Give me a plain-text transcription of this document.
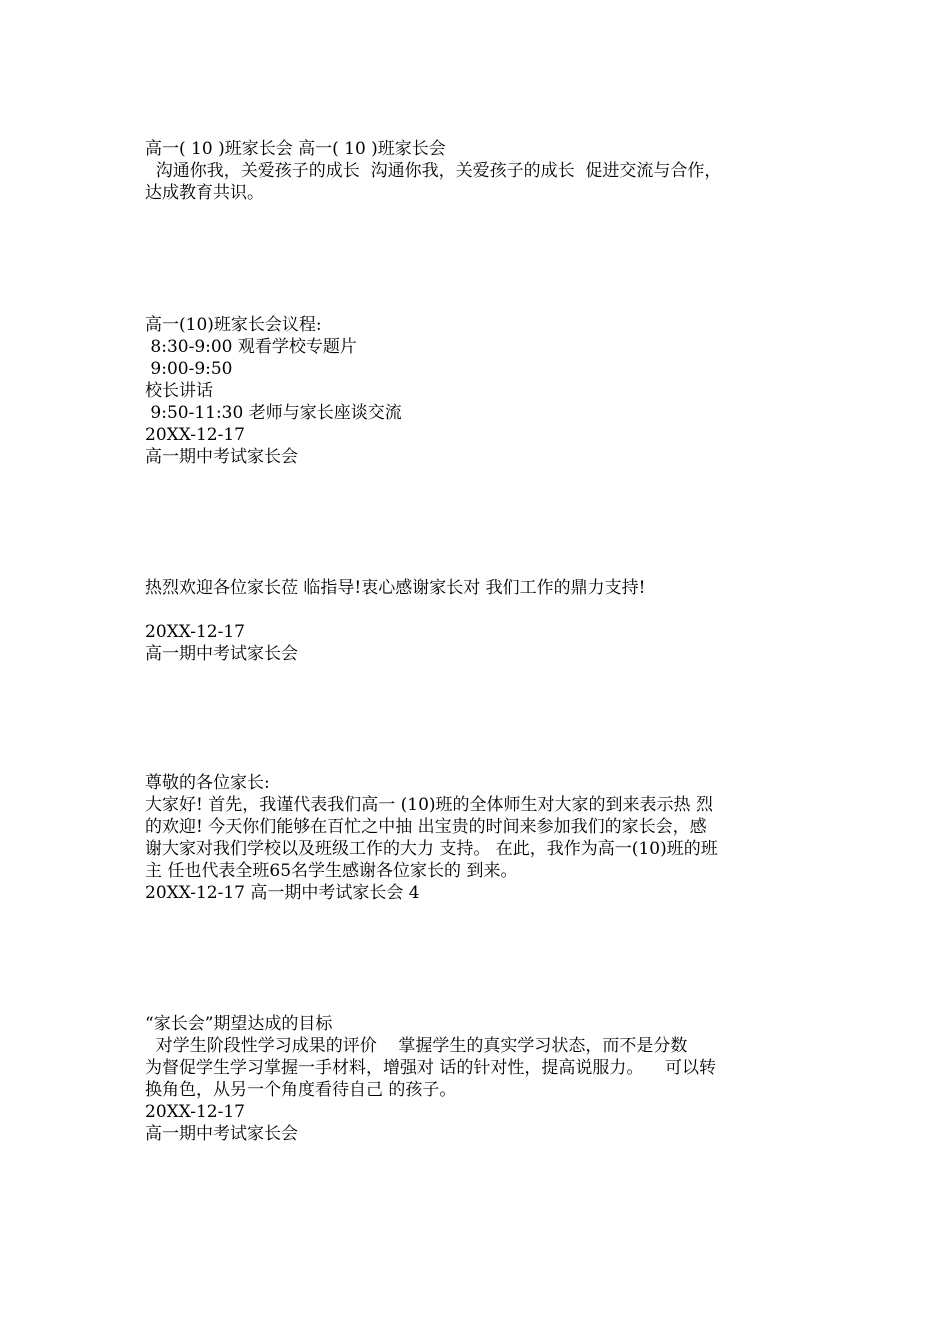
高一( 10 )班家长会 高一( 10 )班家长会
沟通你我，关爱孩子的成长  沟通你我，关爱孩子的成长  促进交流与合作，
达成教育共识。
高一(10)班家长会议程:
8:30-9:00 观看学校专题片
9:00-9:50
校长讲话
9:50-11:30 老师与家长座谈交流
20XX-12-17
高一期中考试家长会
热烈欢迎各位家长莅 临指导!衷心感谢家长对 我们工作的鼎力支持!
20XX-12-17
高一期中考试家长会
尊敬的各位家长:
大家好! 首先，我谨代表我们高一 (10)班的全体师生对大家的到来表示热 烈
的欢迎! 今天你们能够在百忙之中抽 出宝贵的时间来参加我们的家长会，感
谢大家对我们学校以及班级工作的大力 支持。 在此，我作为高一(10)班的班
主 任也代表全班65名学生感谢各位家长的 到来。
20XX-12-17 高一期中考试家长会 4
“家长会”期望达成的目标
对学生阶段性学习成果的评价    掌握学生的真实学习状态，而不是分数
为督促学生学习掌握一手材料，增强对 话的针对性，提高说服力。    可以转
换角色，从另一个角度看待自己 的孩子。
20XX-12-17
高一期中考试家长会
